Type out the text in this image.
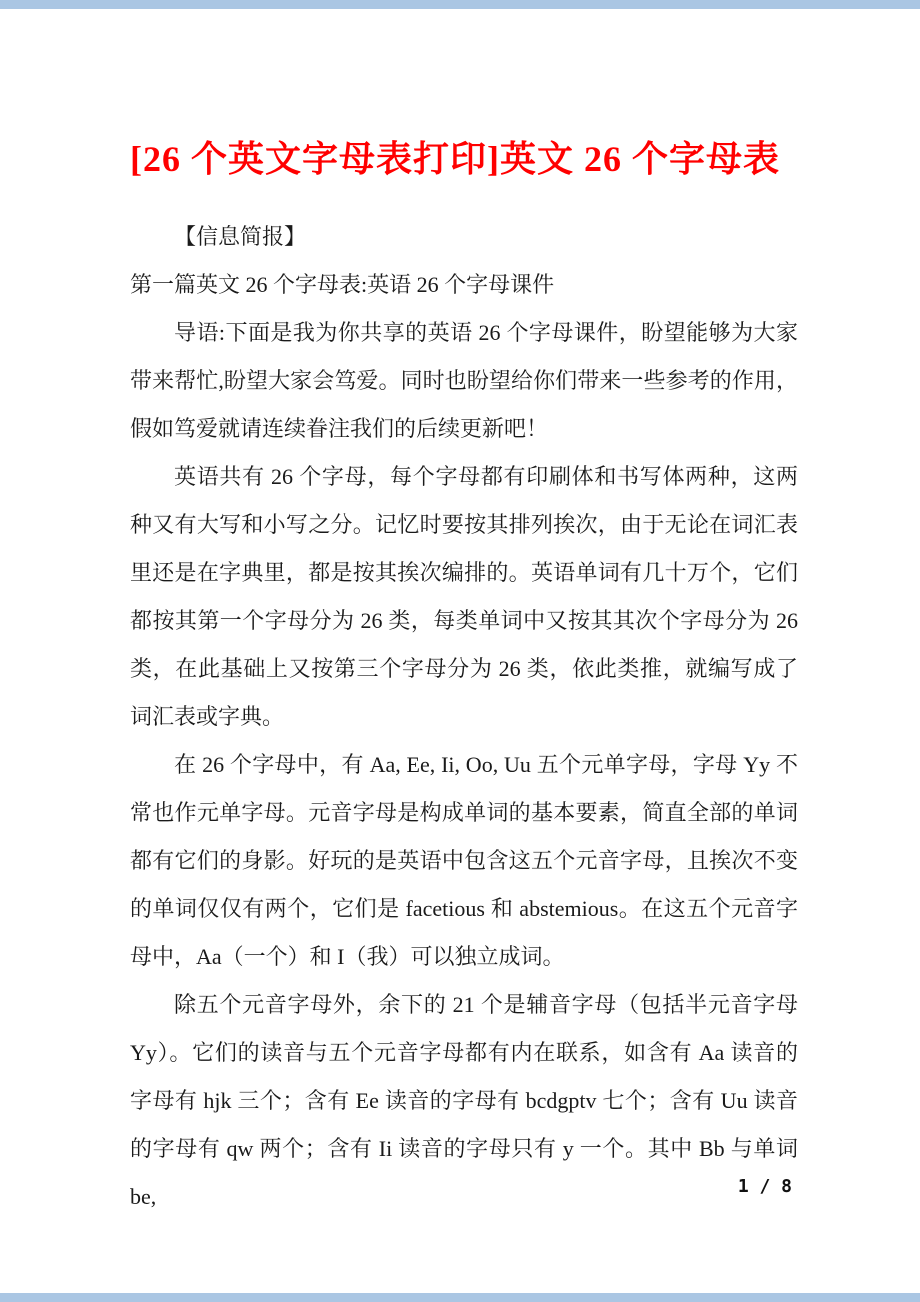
[26 个英文字母表打印]英文 26 个字母表

【信息简报】

第一篇英文 26 个字母表:英语 26 个字母课件

导语:下面是我为你共享的英语 26 个字母课件，盼望能够为大家带来帮忙,盼望大家会笃爱。同时也盼望给你们带来一些参考的作用，假如笃爱就请连续眷注我们的后续更新吧！

英语共有 26 个字母，每个字母都有印刷体和书写体两种，这两种又有大写和小写之分。记忆时要按其排列挨次，由于无论在词汇表里还是在字典里，都是按其挨次编排的。英语单词有几十万个，它们都按其第一个字母分为 26 类，每类单词中又按其其次个字母分为 26 类，在此基础上又按第三个字母分为 26 类，依此类推，就编写成了词汇表或字典。

在 26 个字母中，有 Aa, Ee, Ii, Oo, Uu 五个元单字母，字母 Yy 不常也作元单字母。元音字母是构成单词的基本要素，简直全部的单词都有它们的身影。好玩的是英语中包含这五个元音字母，且挨次不变的单词仅仅有两个，它们是 facetious 和 abstemious。在这五个元音字母中，Aa（一个）和 I（我）可以独立成词。

除五个元音字母外，余下的 21 个是辅音字母（包括半元音字母 Yy）。它们的读音与五个元音字母都有内在联系，如含有 Aa 读音的字母有 hjk 三个；含有 Ee 读音的字母有 bcdgptv 七个；含有 Uu 读音的字母有 qw 两个；含有 Ii 读音的字母只有 y 一个。其中 Bb 与单词 be,	1 / 8
